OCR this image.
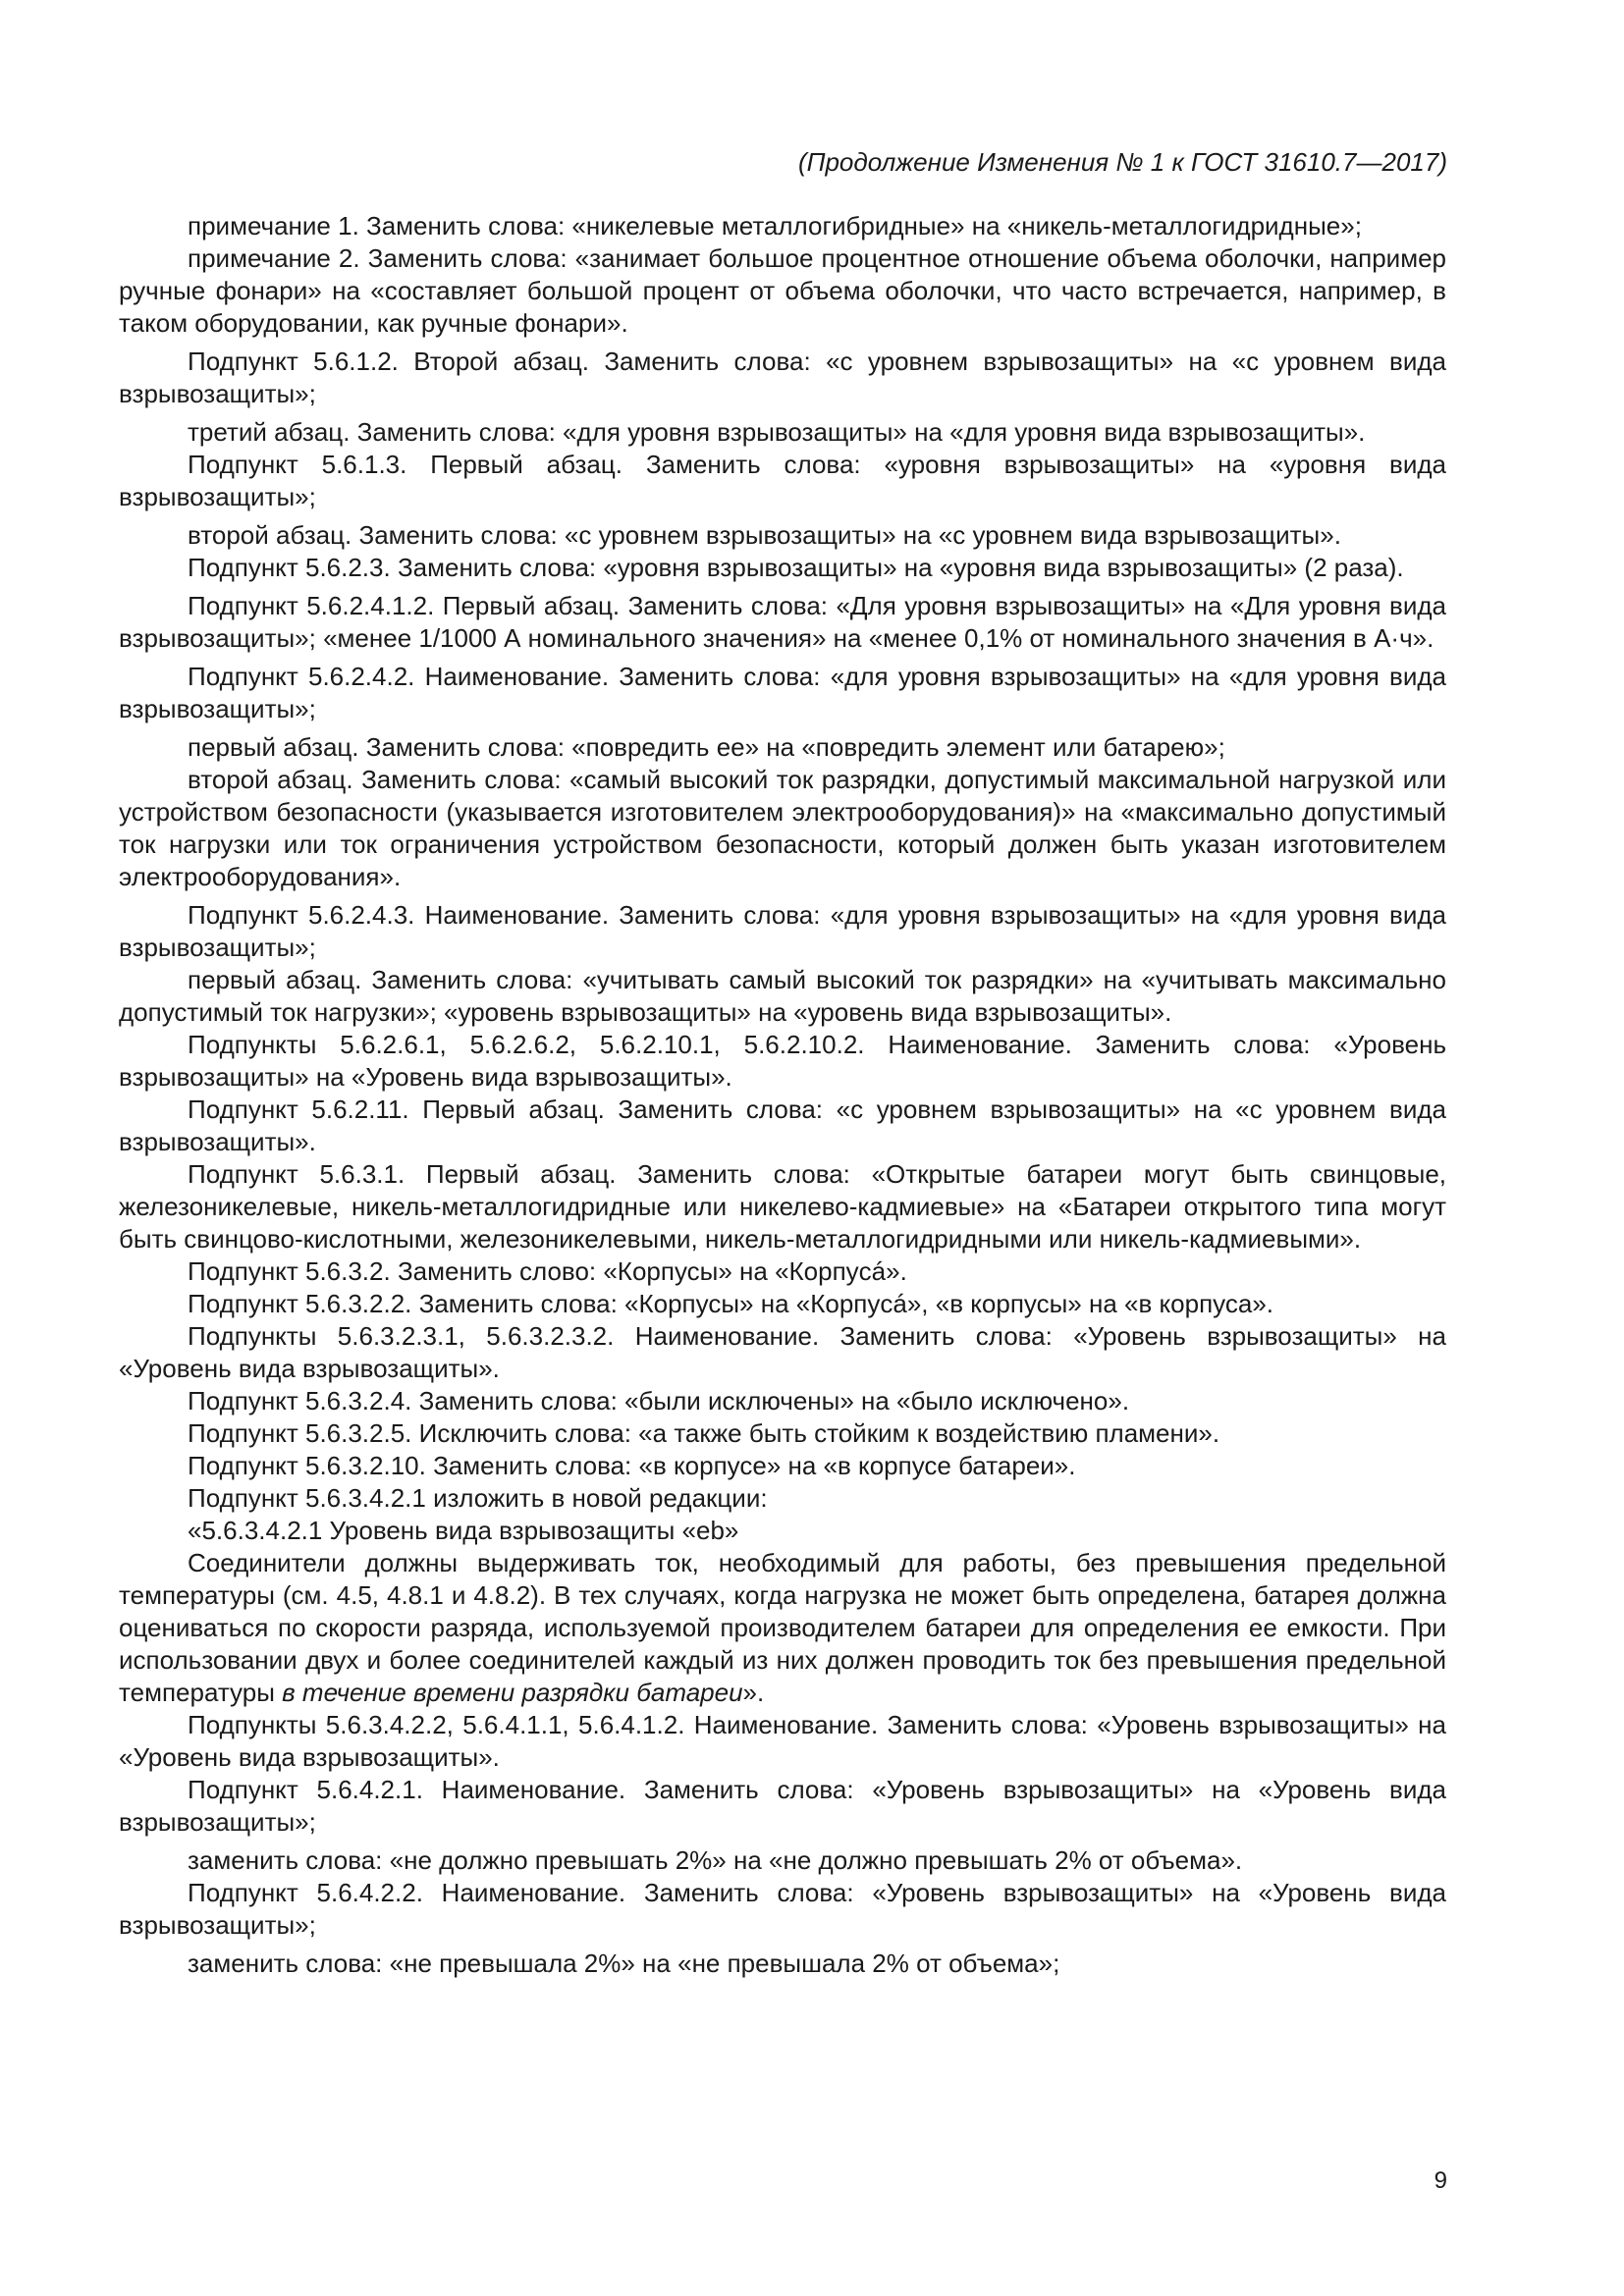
(Продолжение Изменения № 1 к ГОСТ 31610.7—2017)

примечание 1. Заменить слова: «никелевые металлогибридные» на «никель-металлогидридные»;

примечание 2. Заменить слова: «занимает большое процентное отношение объема оболочки, например ручные фонари» на «составляет большой процент от объема оболочки, что часто встречается, например, в таком оборудовании, как ручные фонари».

Подпункт 5.6.1.2. Второй абзац. Заменить слова: «с уровнем взрывозащиты» на «с уровнем вида взрывозащиты»;

третий абзац. Заменить слова: «для уровня взрывозащиты» на «для уровня вида взрывозащиты».

Подпункт 5.6.1.3. Первый абзац. Заменить слова: «уровня взрывозащиты» на «уровня вида взрывозащиты»;

второй абзац. Заменить слова: «с уровнем взрывозащиты» на «с уровнем вида взрывозащиты».

Подпункт 5.6.2.3. Заменить слова: «уровня взрывозащиты» на «уровня вида взрывозащиты» (2 раза).

Подпункт 5.6.2.4.1.2. Первый абзац. Заменить слова: «Для уровня взрывозащиты» на «Для уровня вида взрывозащиты»; «менее 1/1000 А номинального значения» на «менее 0,1% от номинального значения в А·ч».

Подпункт 5.6.2.4.2. Наименование. Заменить слова: «для уровня взрывозащиты» на «для уровня вида взрывозащиты»;

первый абзац. Заменить слова: «повредить ее» на «повредить элемент или батарею»;

второй абзац. Заменить слова: «самый высокий ток разрядки, допустимый максимальной нагрузкой или устройством безопасности (указывается изготовителем электрооборудования)» на «максимально допустимый ток нагрузки или ток ограничения устройством безопасности, который должен быть указан изготовителем электрооборудования».

Подпункт 5.6.2.4.3. Наименование. Заменить слова: «для уровня взрывозащиты» на «для уровня вида взрывозащиты»;

первый абзац. Заменить слова: «учитывать самый высокий ток разрядки» на «учитывать максимально допустимый ток нагрузки»; «уровень взрывозащиты» на «уровень вида взрывозащиты».

Подпункты 5.6.2.6.1, 5.6.2.6.2, 5.6.2.10.1, 5.6.2.10.2. Наименование. Заменить слова: «Уровень взрывозащиты» на «Уровень вида взрывозащиты».

Подпункт 5.6.2.11. Первый абзац. Заменить слова: «с уровнем взрывозащиты» на «с уровнем вида взрывозащиты».

Подпункт 5.6.3.1. Первый абзац. Заменить слова: «Открытые батареи могут быть свинцовые, железоникелевые, никель-металлогидридные или никелево-кадмиевые» на «Батареи открытого типа могут быть свинцово-кислотными, железоникелевыми, никель-металлогидридными или никель-кадмиевыми».

Подпункт 5.6.3.2. Заменить слово: «Корпусы» на «Корпуcá».

Подпункт 5.6.3.2.2. Заменить слова: «Корпусы» на «Корпуcá», «в корпусы» на «в корпуса».

Подпункты 5.6.3.2.3.1, 5.6.3.2.3.2. Наименование. Заменить слова: «Уровень взрывозащиты» на «Уровень вида взрывозащиты».

Подпункт 5.6.3.2.4. Заменить слова: «были исключены» на «было исключено».

Подпункт 5.6.3.2.5. Исключить слова: «а также быть стойким к воздействию пламени».

Подпункт 5.6.3.2.10. Заменить слова: «в корпусе» на «в корпусе батареи».

Подпункт 5.6.3.4.2.1 изложить в новой редакции:

«5.6.3.4.2.1 Уровень вида взрывозащиты «eb»

Соединители должны выдерживать ток, необходимый для работы, без превышения предельной температуры (см. 4.5, 4.8.1 и 4.8.2). В тех случаях, когда нагрузка не может быть определена, батарея должна оцениваться по скорости разряда, используемой производителем батареи для определения ее емкости. При использовании двух и более соединителей каждый из них должен проводить ток без превышения предельной температуры в течение времени разрядки батареи».

Подпункты 5.6.3.4.2.2, 5.6.4.1.1, 5.6.4.1.2. Наименование. Заменить слова: «Уровень взрывозащиты» на «Уровень вида взрывозащиты».

Подпункт 5.6.4.2.1. Наименование. Заменить слова: «Уровень взрывозащиты» на «Уровень вида взрывозащиты»;

заменить слова: «не должно превышать 2%» на «не должно превышать 2% от объема».

Подпункт 5.6.4.2.2. Наименование. Заменить слова: «Уровень взрывозащиты» на «Уровень вида взрывозащиты»;

заменить слова: «не превышала 2%» на «не превышала 2% от объема»;

9
